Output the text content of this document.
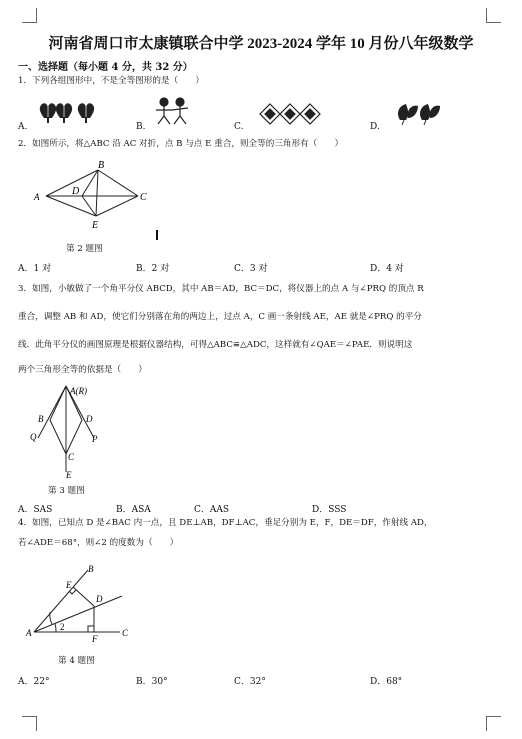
河南省周口市太康镇联合中学 2023-2024 学年 10 月份八年级数学
一、选择题（每小题 4 分，共 32 分）
1．下列各组图形中，不是全等图形的是（　　）
A.	B.	C.	D.
2．如图所示，将△ABC 沿 AC 对折，点 B 与点 E 重合，则全等的三角形有（　　）
A
B
C
D
E
第 2 题图
A．1 对	B．2 对	C．3 对	D．4 对
3．如图，小敏做了一个角平分仪 ABCD，其中 AB＝AD，BC＝DC，将仪器上的点 A 与∠PRQ 的顶点 R
重合，调整 AB 和 AD，使它们分别落在角的两边上，过点 A，C 画一条射线 AE，AE 就是∠PRQ 的平分
线．此角平分仪的画图原理是根据仪器结构，可得△ABC≌△ADC，这样就有∠QAE＝∠PAE．则说明这
两个三角形全等的依据是（　　）
A(R)
B	D
Q	P
C
E
第 3 题图
A．SAS	B．ASA	C．AAS	D．SSS
4．如图，已知点 D 是∠BAC 内一点，且 DE⊥AB，DF⊥AC，垂足分别为 E，F，DE＝DF，作射线 AD，
若∠ADE＝68°，则∠2 的度数为（　　）
A
B
C
D
E
F
2
第 4 题图
A．22°	B．30°	C．32°	D．68°
